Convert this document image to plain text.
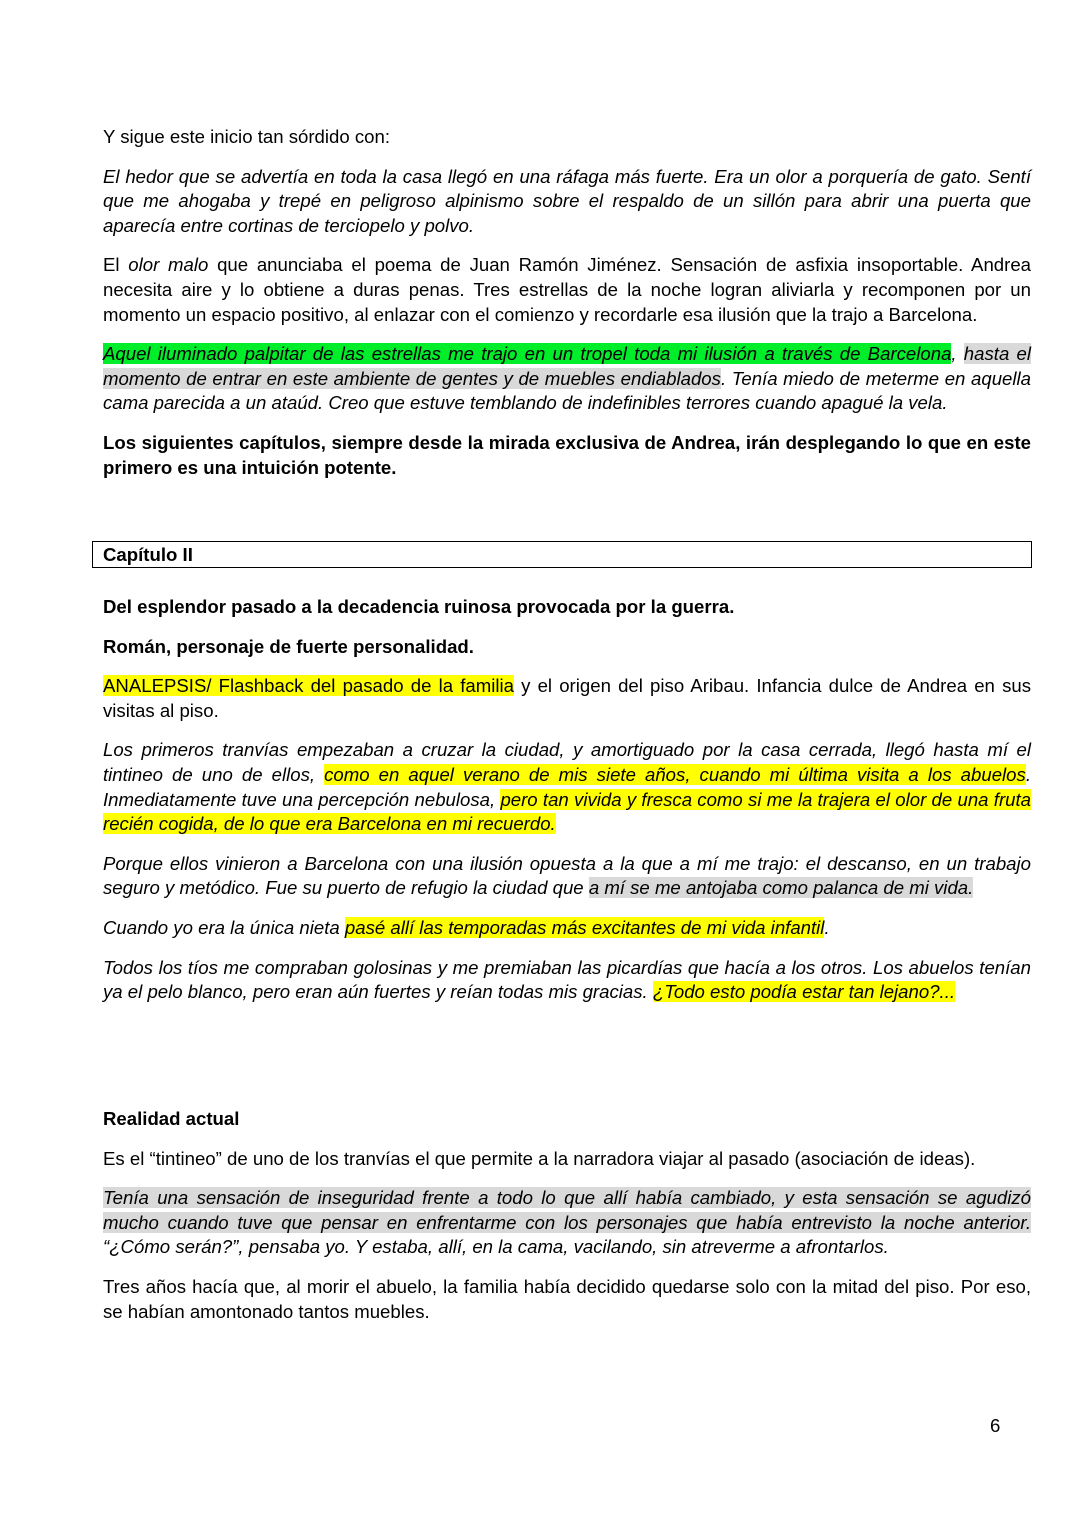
Y sigue este inicio tan sórdido con:

El hedor que se advertía en toda la casa llegó en una ráfaga más fuerte. Era un olor a porquería de gato. Sentí que me ahogaba y trepé en peligroso alpinismo sobre el respaldo de un sillón para abrir una puerta que aparecía entre cortinas de terciopelo y polvo.

El olor malo que anunciaba el poema de Juan Ramón Jiménez. Sensación de asfixia insoportable. Andrea necesita aire y lo obtiene a duras penas. Tres estrellas de la noche logran aliviarla y recomponen por un momento un espacio positivo, al enlazar con el comienzo y recordarle esa ilusión que la trajo a Barcelona.

Aquel iluminado palpitar de las estrellas me trajo en un tropel toda mi ilusión a través de Barcelona, hasta el momento de entrar en este ambiente de gentes y de muebles endiablados. Tenía miedo de meterme en aquella cama parecida a un ataúd. Creo que estuve temblando de indefinibles terrores cuando apagué la vela.

Los siguientes capítulos, siempre desde la mirada exclusiva de Andrea, irán desplegando lo que en este primero es una intuición potente.

Capítulo II

Del esplendor pasado a la decadencia ruinosa provocada por la guerra.

Román, personaje de fuerte personalidad.

ANALEPSIS/ Flashback del pasado de la familia y el origen del piso Aribau. Infancia dulce de Andrea en sus visitas al piso.

Los primeros tranvías empezaban a cruzar la ciudad, y amortiguado por la casa cerrada, llegó hasta mí el tintineo de uno de ellos, como en aquel verano de mis siete años, cuando mi última visita a los abuelos. Inmediatamente tuve una percepción nebulosa, pero tan vivida y fresca como si me la trajera el olor de una fruta recién cogida, de lo que era Barcelona en mi recuerdo.

Porque ellos vinieron a Barcelona con una ilusión opuesta a la que a mí me trajo: el descanso, en un trabajo seguro y metódico. Fue su puerto de refugio la ciudad que a mí se me antojaba como palanca de mi vida.

Cuando yo era la única nieta pasé allí las temporadas más excitantes de mi vida infantil.

Todos los tíos me compraban golosinas y me premiaban las picardías que hacía a los otros. Los abuelos tenían ya el pelo blanco, pero eran aún fuertes y reían todas mis gracias. ¿Todo esto podía estar tan lejano?...

Realidad actual

Es el “tintineo” de uno de los tranvías el que permite a la narradora viajar al pasado (asociación de ideas).

Tenía una sensación de inseguridad frente a todo lo que allí había cambiado, y esta sensación se agudizó mucho cuando tuve que pensar en enfrentarme con los personajes que había entrevisto la noche anterior. “¿Cómo serán?”, pensaba yo. Y estaba, allí, en la cama, vacilando, sin atreverme a afrontarlos.

Tres años hacía que, al morir el abuelo, la familia había decidido quedarse solo con la mitad del piso. Por eso, se habían amontonado tantos muebles.

6
